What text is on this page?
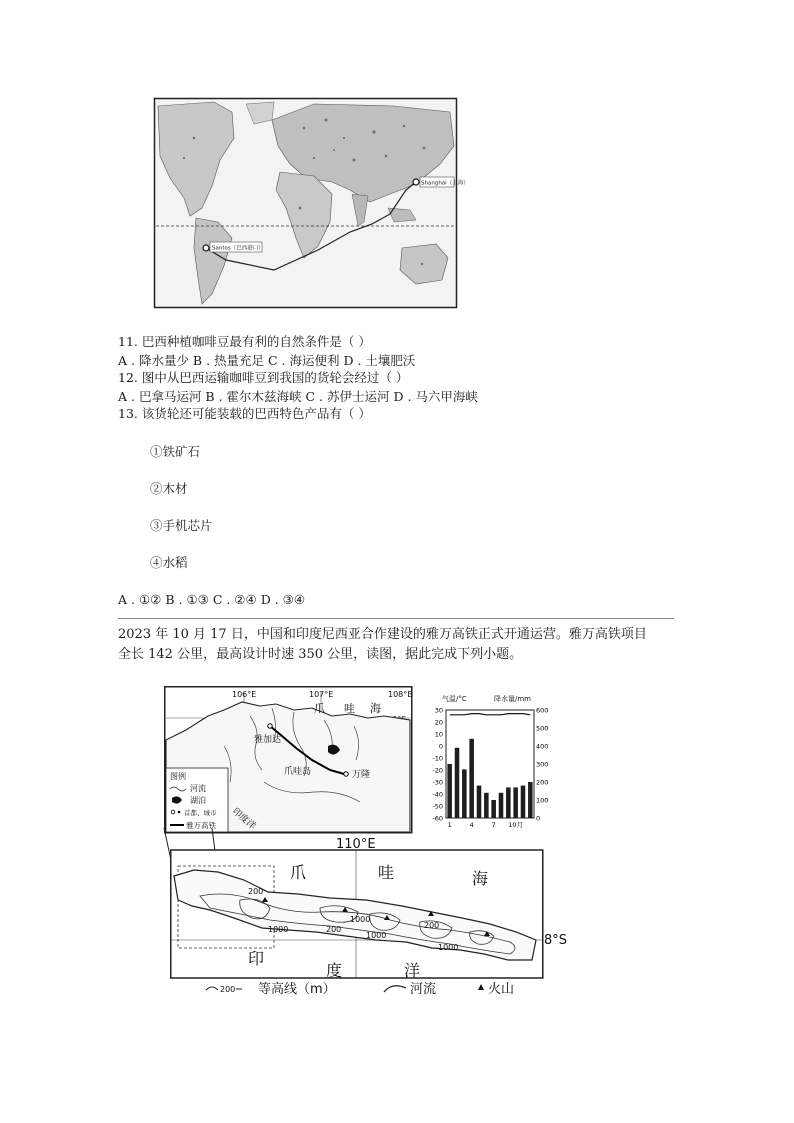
Santos（巴西港口）
Shanghai（上海）
11. 巴西种植咖啡豆最有利的自然条件是（ ）
A . 降水量少 B . 热量充足 C . 海运便利 D . 土壤肥沃
12. 图中从巴西运输咖啡豆到我国的货轮会经过（ ）
A . 巴拿马运河 B . 霍尔木兹海峡 C . 苏伊士运河 D . 马六甲海峡
13. 该货轮还可能装载的巴西特色产品有（ ）
①铁矿石
②木材
③手机芯片
④水稻
A . ①② B . ①③ C . ②④ D . ③④
2023 年 10 月 17 日，中国和印度尼西亚合作建设的雅万高铁正式开通运营。雅万高铁项目
全长 142 公里，最高设计时速 350 公里，读图，据此完成下列小题。
106°E	107°E	108°E
爪 哇 海
雅加达
爪哇岛	万隆
印度洋
图例
河流
湖泊
首都、城市
雅万高铁
气温/°C	降水量/mm
30
20
10
0
-10
-20
-30
-40
-50
-60
600
500
400
300
200
100
0
1	4	7 10月
110°E
8°S
200
1000
1000
200
1000
200
1000
爪	哇	海
印
度	洋
200 等高线（m）	河流	火山
